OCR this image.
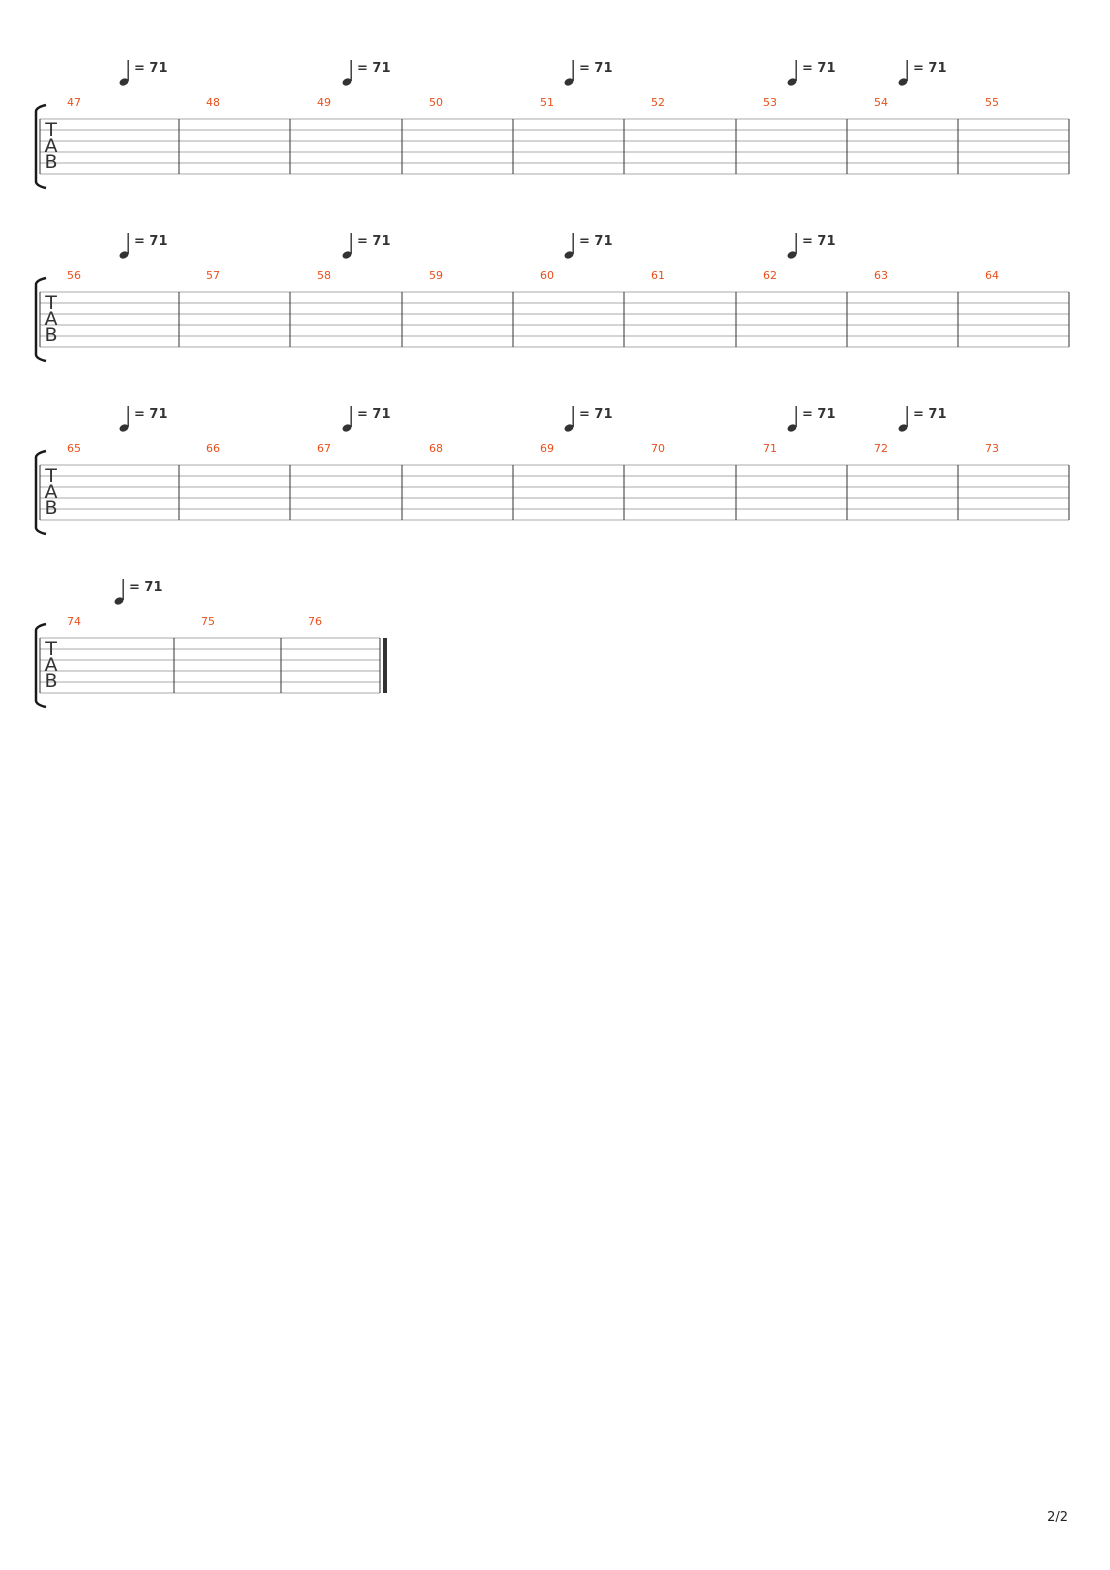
T
A
B
47	48	49	50	51	52	53	54	55
= 71	= 71	= 71	= 71	= 71
T
A
B
56	57	58	59	60	61	62	63	64
= 71	= 71	= 71	= 71
T
A
B
65	66	67	68	69	70	71	72	73
= 71	= 71	= 71	= 71	= 71
T
A
B
74	75	76
= 71
2/2
